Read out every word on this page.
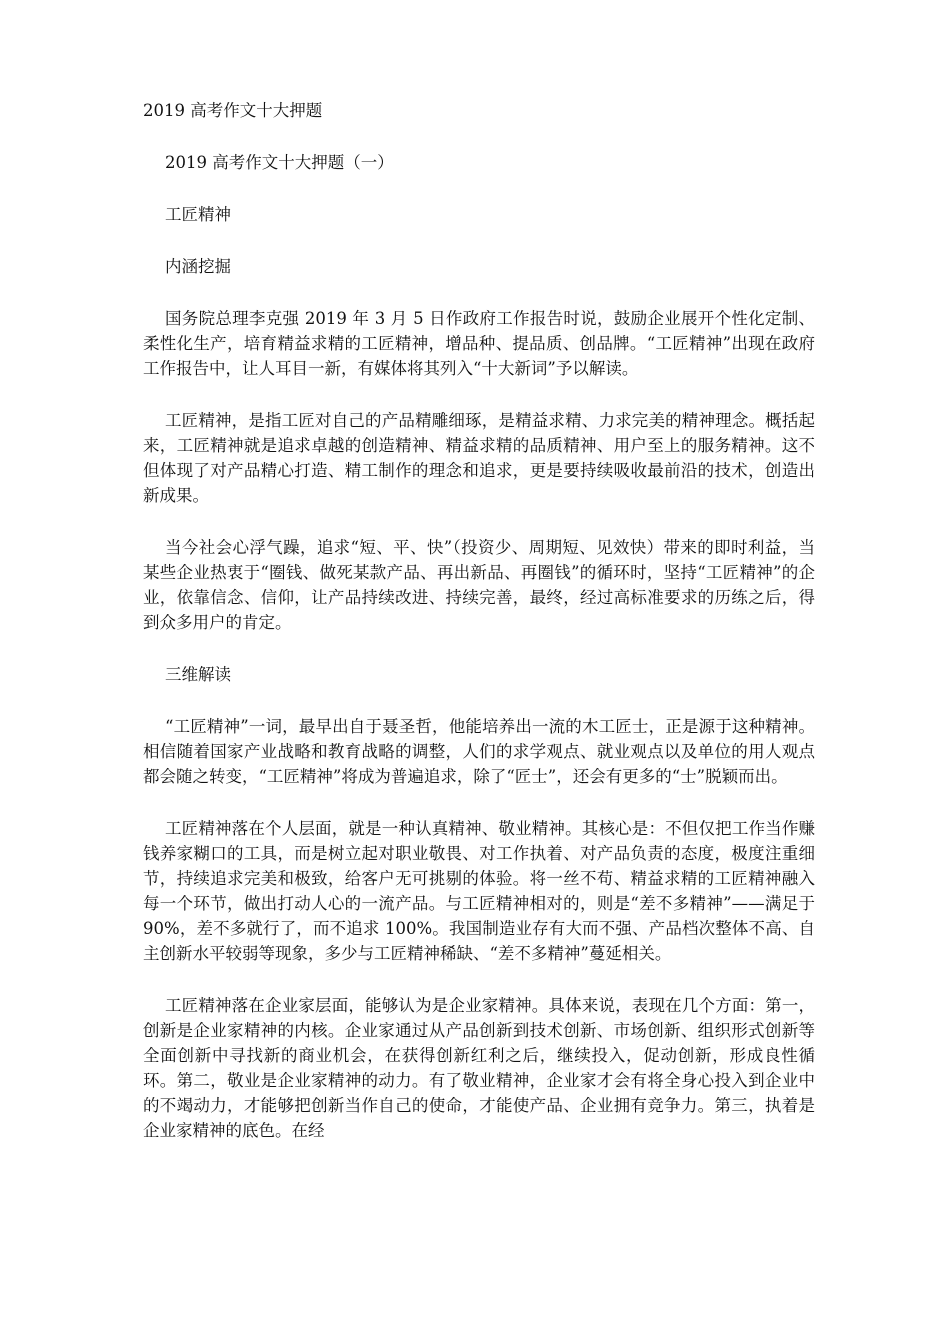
2019 高考作文十大押题

2019 高考作文十大押题（一）

工匠精神

内涵挖掘

国务院总理李克强 2019 年 3 月 5 日作政府工作报告时说，鼓励企业展开个性化定制、柔性化生产，培育精益求精的工匠精神，增品种、提品质、创品牌。“工匠精神”出现在政府工作报告中，让人耳目一新，有媒体将其列入“十大新词”予以解读。

工匠精神，是指工匠对自己的产品精雕细琢，是精益求精、力求完美的精神理念。概括起来，工匠精神就是追求卓越的创造精神、精益求精的品质精神、用户至上的服务精神。这不但体现了对产品精心打造、精工制作的理念和追求，更是要持续吸收最前沿的技术，创造出新成果。

当今社会心浮气躁，追求“短、平、快”（投资少、周期短、见效快）带来的即时利益，当某些企业热衷于“圈钱、做死某款产品、再出新品、再圈钱”的循环时，坚持“工匠精神”的企业，依靠信念、信仰，让产品持续改进、持续完善，最终，经过高标准要求的历练之后，得到众多用户的肯定。

三维解读

“工匠精神”一词，最早出自于聂圣哲，他能培养出一流的木工匠士，正是源于这种精神。相信随着国家产业战略和教育战略的调整，人们的求学观点、就业观点以及单位的用人观点都会随之转变，“工匠精神”将成为普遍追求，除了“匠士”，还会有更多的“士”脱颖而出。

工匠精神落在个人层面，就是一种认真精神、敬业精神。其核心是：不但仅把工作当作赚钱养家糊口的工具，而是树立起对职业敬畏、对工作执着、对产品负责的态度，极度注重细节，持续追求完美和极致，给客户无可挑剔的体验。将一丝不苟、精益求精的工匠精神融入每一个环节，做出打动人心的一流产品。与工匠精神相对的，则是“差不多精神”——满足于 90%，差不多就行了，而不追求 100%。我国制造业存有大而不强、产品档次整体不高、自主创新水平较弱等现象，多少与工匠精神稀缺、“差不多精神”蔓延相关。

工匠精神落在企业家层面，能够认为是企业家精神。具体来说，表现在几个方面：第一，创新是企业家精神的内核。企业家通过从产品创新到技术创新、市场创新、组织形式创新等全面创新中寻找新的商业机会，在获得创新红利之后，继续投入，促动创新，形成良性循环。第二，敬业是企业家精神的动力。有了敬业精神，企业家才会有将全身心投入到企业中的不竭动力，才能够把创新当作自己的使命，才能使产品、企业拥有竞争力。第三，执着是企业家精神的底色。在经
